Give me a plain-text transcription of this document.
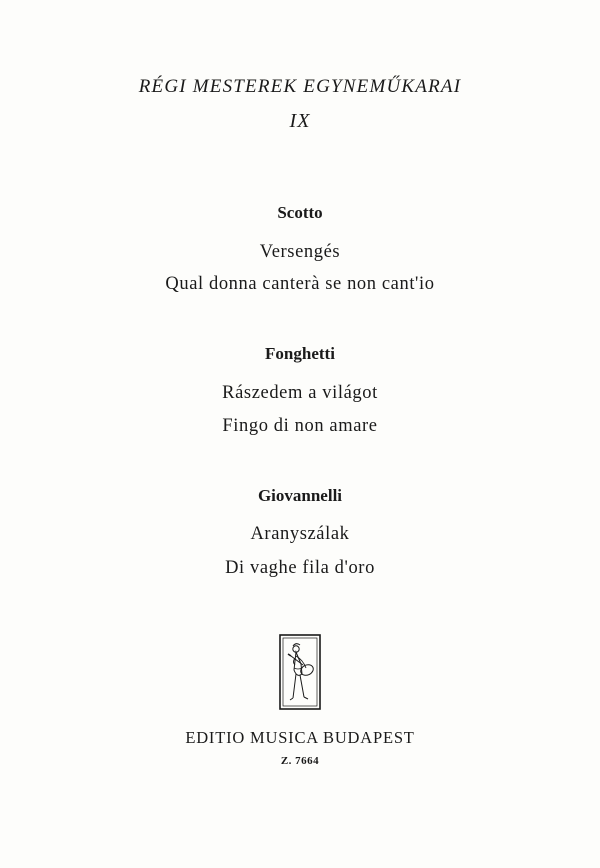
RÉGI MESTEREK EGYNEMŰKARAI
IX
Scotto
Versengés
Qual donna canterà se non cant'io
Fonghetti
Rászedem a világot
Fingo di non amare
Giovannelli
Aranyszálak
Di vaghe fila d'oro
EDITIO MUSICA BUDAPEST
Z. 7664
